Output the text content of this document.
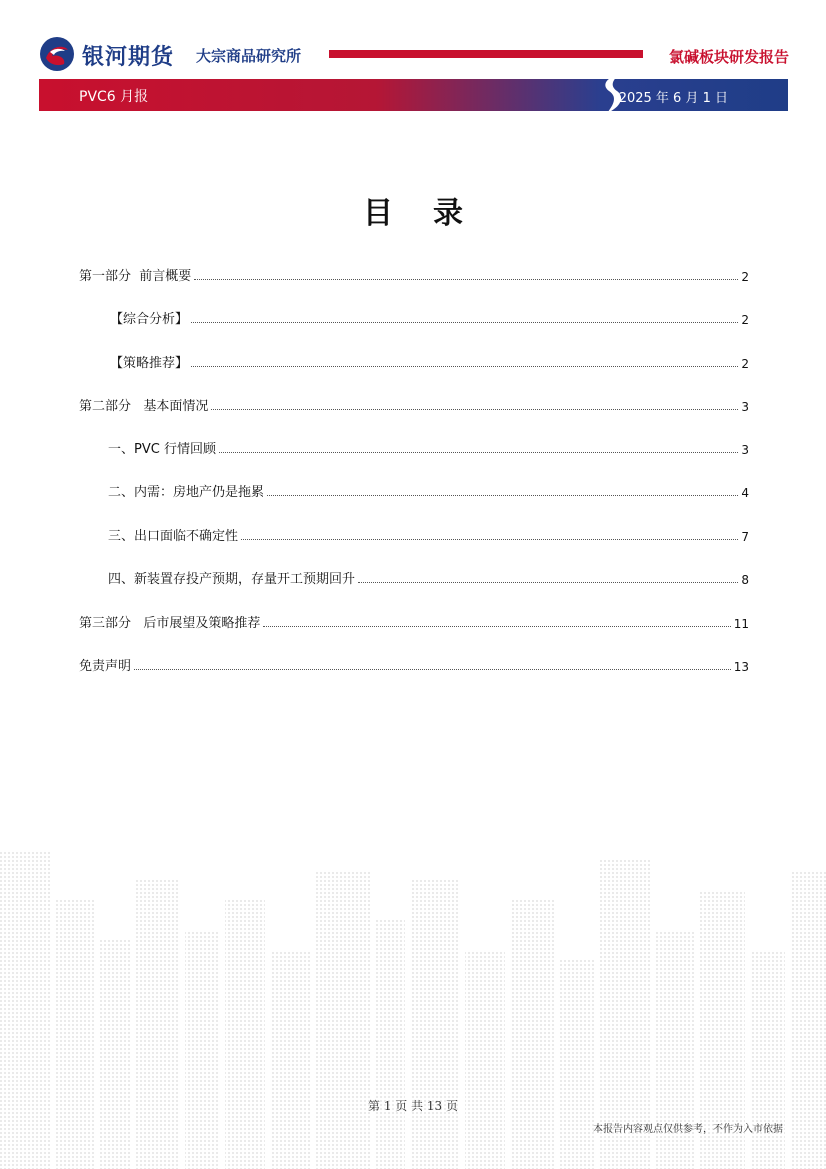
银河期货 大宗商品研究所	氯碱板块研发报告
PVC6 月报	2025 年 6 月 1 日
目录
第一部分  前言概要	2
【综合分析】	2
【策略推荐】	2
第二部分   基本面情况	3
一、PVC 行情回顾	3
二、内需：房地产仍是拖累	4
三、出口面临不确定性	7
四、新装置存投产预期，存量开工预期回升	8
第三部分   后市展望及策略推荐	11
免责声明	13
第 1 页 共 13 页
本报告内容观点仅供参考，不作为入市依据
